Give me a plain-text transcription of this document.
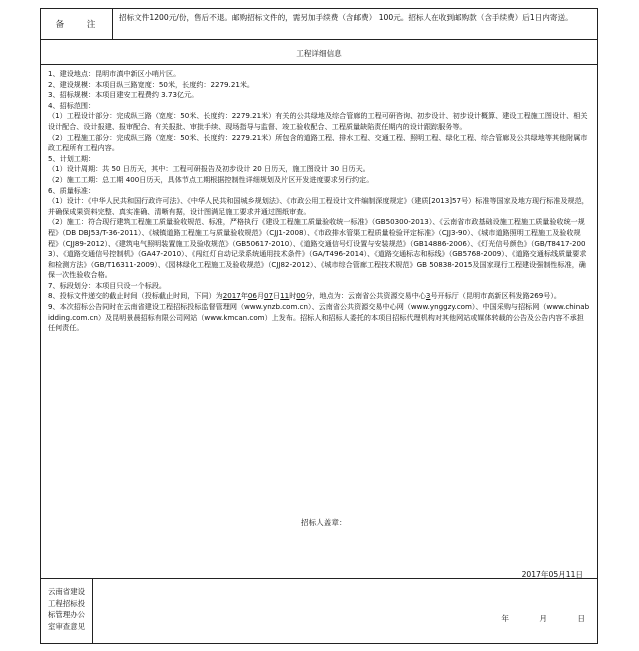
备 注
招标文件1200元/份，售后不退。邮购招标文件的，需另加手续费（含邮费） 100元。招标人在收到邮购款（含手续费）后1日内寄送。
工程详细信息

1、建设地点：昆明市滇中新区小哨片区。

2、建设规模：本项目纵三路宽度：50米，长度约：2279.21米。

3、招标规模：本项目建安工程费约 3.73亿元。

4、招标范围：

（1）工程设计部分：完成纵三路（宽度：50米、长度约：2279.21米）有关的公共绿地及综合管廊的工程可研咨询、初步设计、初步设计概算、建设工程施工图设计、相关设计配合、设计报建、报审配合、有关报批、审批手续、现场指导与监督、竣工验收配合、工程质量缺陷责任期内的设计跟踪服务等。

（2）工程施工部分：完成纵三路（宽度：50米、长度约：2279.21米）所包含的道路工程、排水工程、交通工程、照明工程、绿化工程、综合管廊及公共绿地等其他附属市政工程所有工程内容。

5、计划工期：

（1）设计周期：共 50 日历天，其中：工程可研报告及初步设计 20 日历天，施工图设计 30 日历天。

（2）施工工期：总工期 400日历天，具体节点工期根据控制性详细规划及片区开发进度要求另行约定。

6、质量标准：

（1）设计：《中华人民共和国行政许可法》、《中华人民共和国城乡规划法》、《市政公用工程设计文件编制深度规定》（建质[2013]57号）标准等国家及地方现行标准及规范，并确保成果资料完整、真实准确、清晰有据，设计图满足施工要求并通过图纸审查。

（2）施工：符合现行建筑工程施工质量验收规范、标准，严格执行《建设工程施工质量验收统一标准》（GB50300-2013）、《云南省市政基础设施工程施工质量验收统一规程》（DB DBJ53/T-36-2011）、《城镇道路工程施工与质量验收规范》（CJJ1-2008）、《市政排水管渠工程质量检验评定标准》（CJJ3-90）、《城市道路照明工程施工及验收规程》（CJJ89-2012）、《建筑电气照明装置施工及验收规范》（GB50617-2010）、《道路交通信号灯设置与安装规范》（GB14886-2006）、《灯光信号颜色》（GB/T8417-2003）、《道路交通信号控制机》（GA47-2010）、《闯红灯自动记录系统通用技术条件》（GA/T496-2014）、《道路交通标志和标线》（GB5768-2009）、《道路交通标线质量要求和检测方法》（GB/T16311-2009）、《园林绿化工程施工及验收规范》（CJJ82-2012）、《城市综合管廊工程技术规范》GB 50838-2015及国家现行工程建设强制性标准，确保一次性验收合格。

7、标段划分：本项目只设一个标段。

8、投标文件递交的截止时间（投标截止时间，下同）为2017年06月07日11时00分，地点为：云南省公共资源交易中心3号开标厅（昆明市高新区科发路269号）。

9、本次招标公告同时在云南省建设工程招标投标监督管理网（www.ynzb.com.cn）、云南省公共资源交易中心网（www.ynggzy.com）、中国采购与招标网（www.chinabidding.com.cn）及昆明景晨招标有限公司网站（www.kmcan.com）上发布。招标人和招标人委托的本项目招标代理机构对其他网站或媒体转载的公告及公告内容不承担任何责任。

招标人盖章：
2017年05月11日
云南省建设
工程招标投
标管理办公
室审查意见
年 月 日
